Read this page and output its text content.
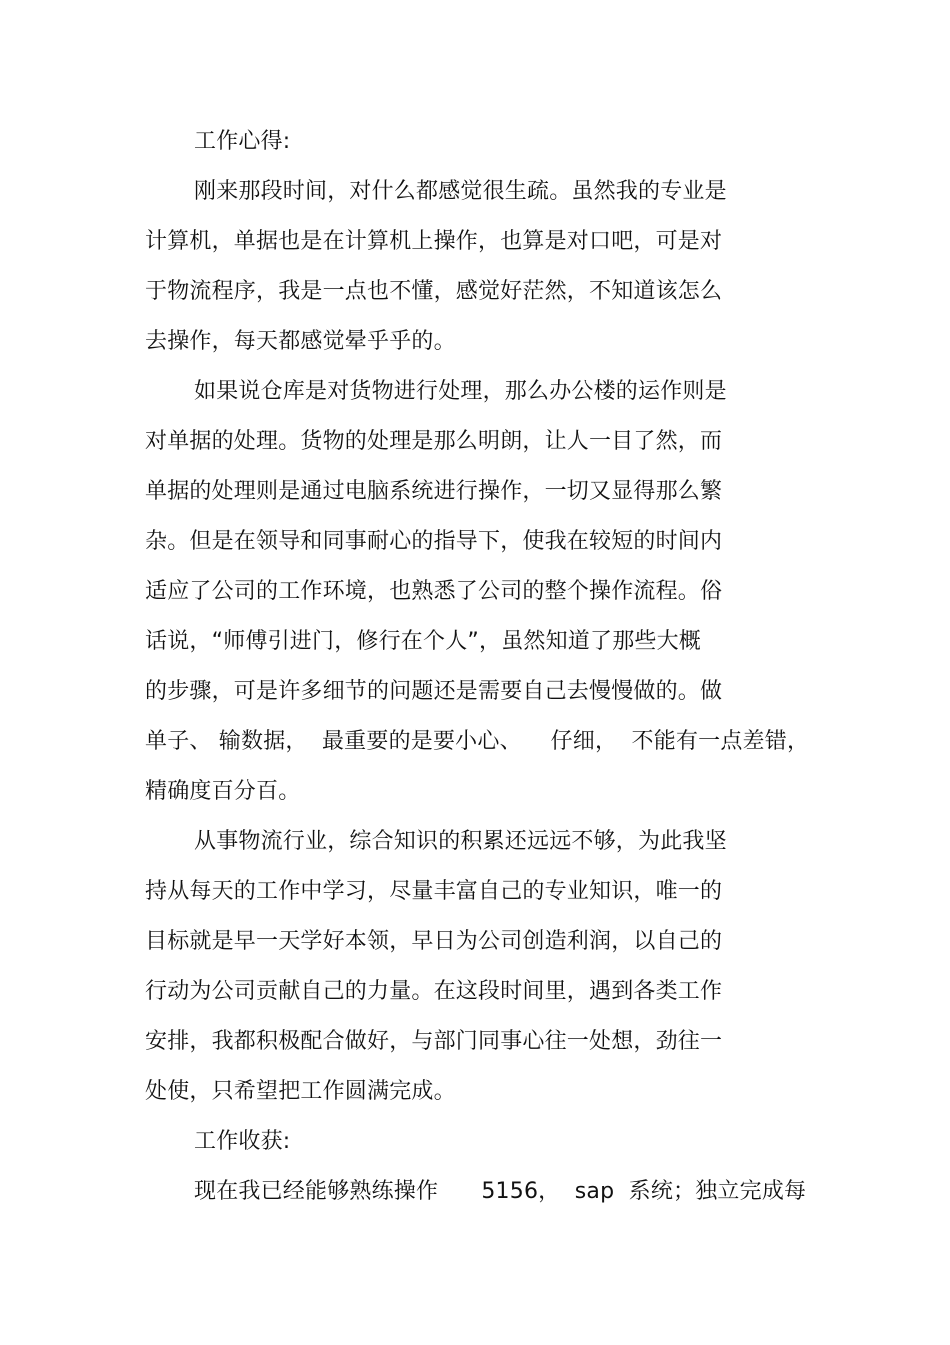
工作心得:
刚来那段时间，对什么都感觉很生疏。虽然我的专业是
计算机，单据也是在计算机上操作，也算是对口吧，可是对
于物流程序，我是一点也不懂，感觉好茫然，不知道该怎么
去操作，每天都感觉晕乎乎的。
如果说仓库是对货物进行处理，那么办公楼的运作则是
对单据的处理。货物的处理是那么明朗，让人一目了然，而
单据的处理则是通过电脑系统进行操作，一切又显得那么繁
杂。但是在领导和同事耐心的指导下，使我在较短的时间内
适应了公司的工作环境，也熟悉了公司的整个操作流程。俗
话说，“师傅引进门，修行在个人”，虽然知道了那些大概
的步骤，可是许多细节的问题还是需要自己去慢慢做的。做
单子、 输数据，  最重要的是要小心、    仔细，  不能有一点差错，
精确度百分百。
从事物流行业，综合知识的积累还远远不够，为此我坚
持从每天的工作中学习，尽量丰富自己的专业知识，唯一的
目标就是早一天学好本领，早日为公司创造利润，以自己的
行动为公司贡献自己的力量。在这段时间里，遇到各类工作
安排，我都积极配合做好，与部门同事心往一处想，劲往一
处使，只希望把工作圆满完成。
工作收获:
现在我已经能够熟练操作      5156，  sap  系统；独立完成每
